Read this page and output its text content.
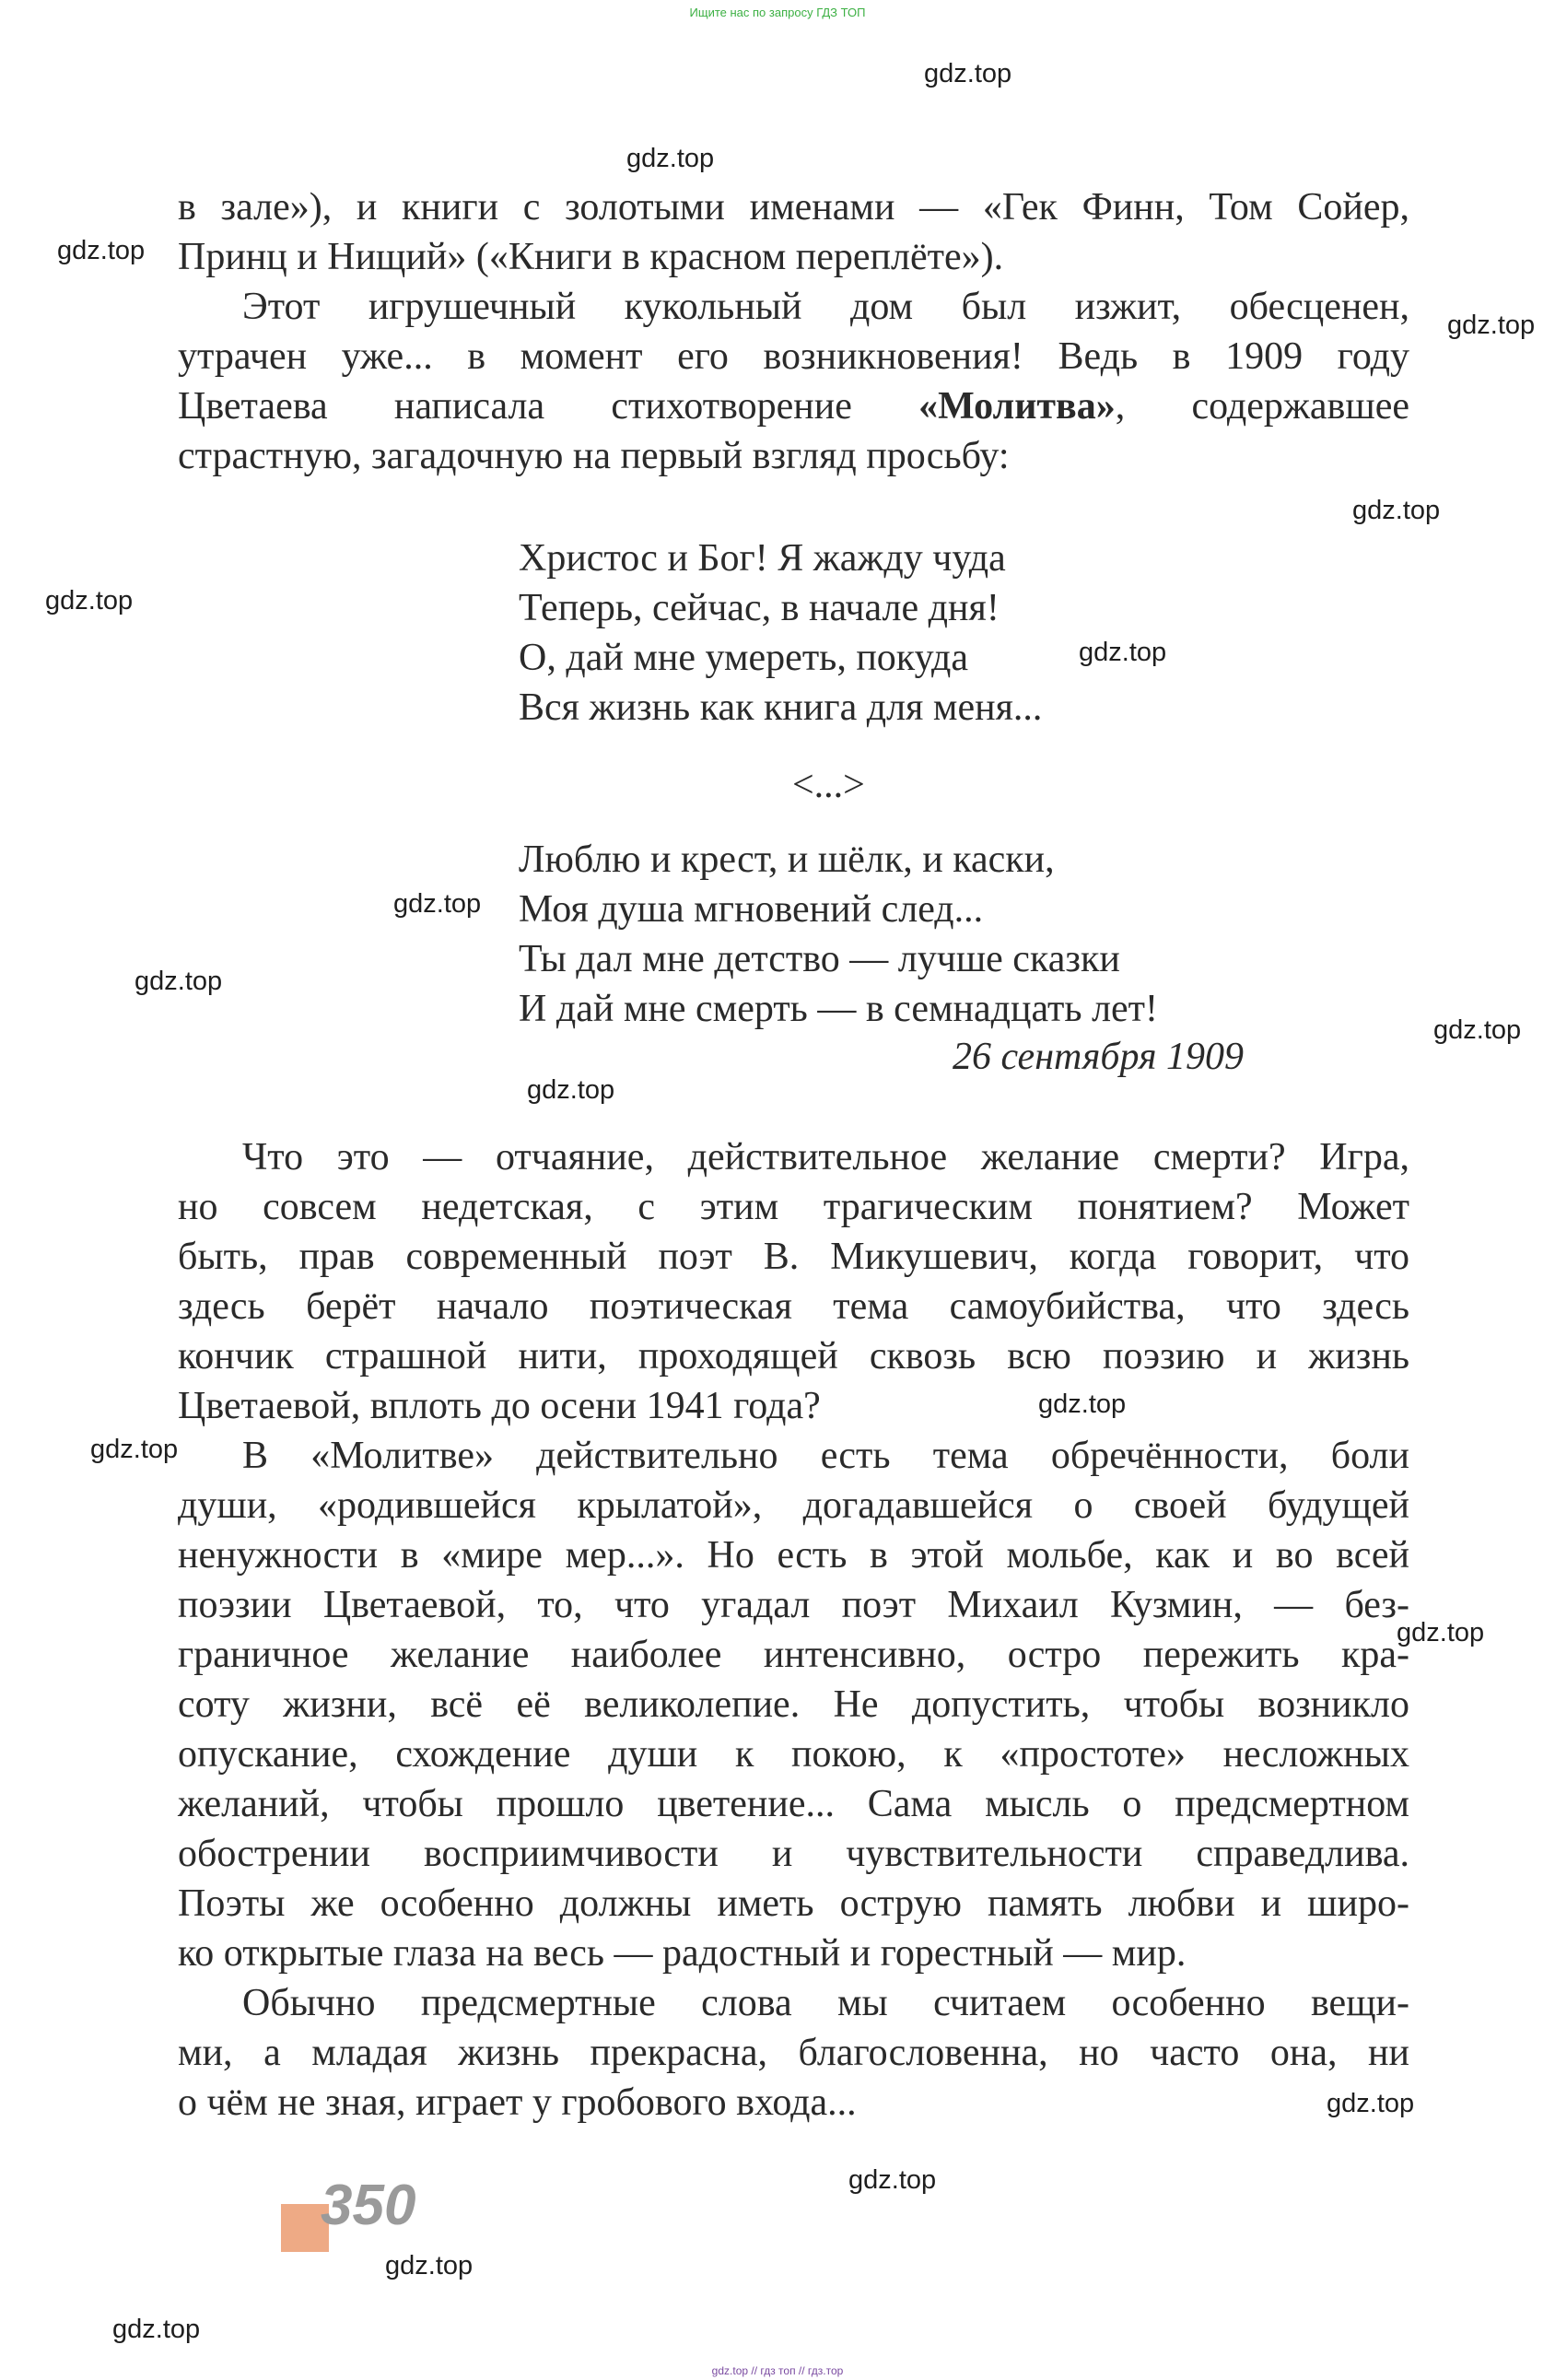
Ищите нас по запросу ГДЗ ТОП
в зале»), и книги с золотыми именами — «Гек Финн, Том Сойер,
Принц и Нищий» («Книги в красном переплёте»).
Этот игрушечный кукольный дом был изжит, обесценен,
утрачен уже... в момент его возникновения! Ведь в 1909 году
Цветаева написала стихотворение «Молитва», содержавшее
страстную, загадочную на первый взгляд просьбу:
Христос и Бог! Я жажду чуда
Теперь, сейчас, в начале дня!
О, дай мне умереть, покуда
Вся жизнь как книга для меня...
<...>
Люблю и крест, и шёлк, и каски,
Моя душа мгновений след...
Ты дал мне детство — лучше сказки
И дай мне смерть — в семнадцать лет!
26 сентября 1909
Что это — отчаяние, действительное желание смерти? Игра,
но совсем недетская, с этим трагическим понятием? Может
быть, прав современный поэт В. Микушевич, когда говорит, что
здесь берёт начало поэтическая тема самоубийства, что здесь
кончик страшной нити, проходящей сквозь всю поэзию и жизнь
Цветаевой, вплоть до осени 1941 года?
В «Молитве» действительно есть тема обречённости, боли
души, «родившейся крылатой», догадавшейся о своей будущей
ненужности в «мире мер...». Но есть в этой мольбе, как и во всей
поэзии Цветаевой, то, что угадал поэт Михаил Кузмин, — без-
граничное желание наиболее интенсивно, остро пережить кра-
соту жизни, всё её великолепие. Не допустить, чтобы возникло
опускание, схождение души к покою, к «простоте» несложных
желаний, чтобы прошло цветение... Сама мысль о предсмертном
обострении восприимчивости и чувствительности справедлива.
Поэты же особенно должны иметь острую память любви и широ-
ко открытые глаза на весь — радостный и горестный — мир.
Обычно предсмертные слова мы считаем особенно вещи-
ми, а младая жизнь прекрасна, благословенна, но часто она, ни
о чём не зная, играет у гробового входа...
gdz.top
gdz.top
gdz.top
gdz.top
gdz.top
gdz.top
gdz.top
gdz.top
gdz.top
gdz.top
gdz.top
gdz.top
gdz.top
gdz.top
gdz.top
gdz.top
gdz.top
gdz.top
350
gdz.top // гдз топ // гдз.тор
